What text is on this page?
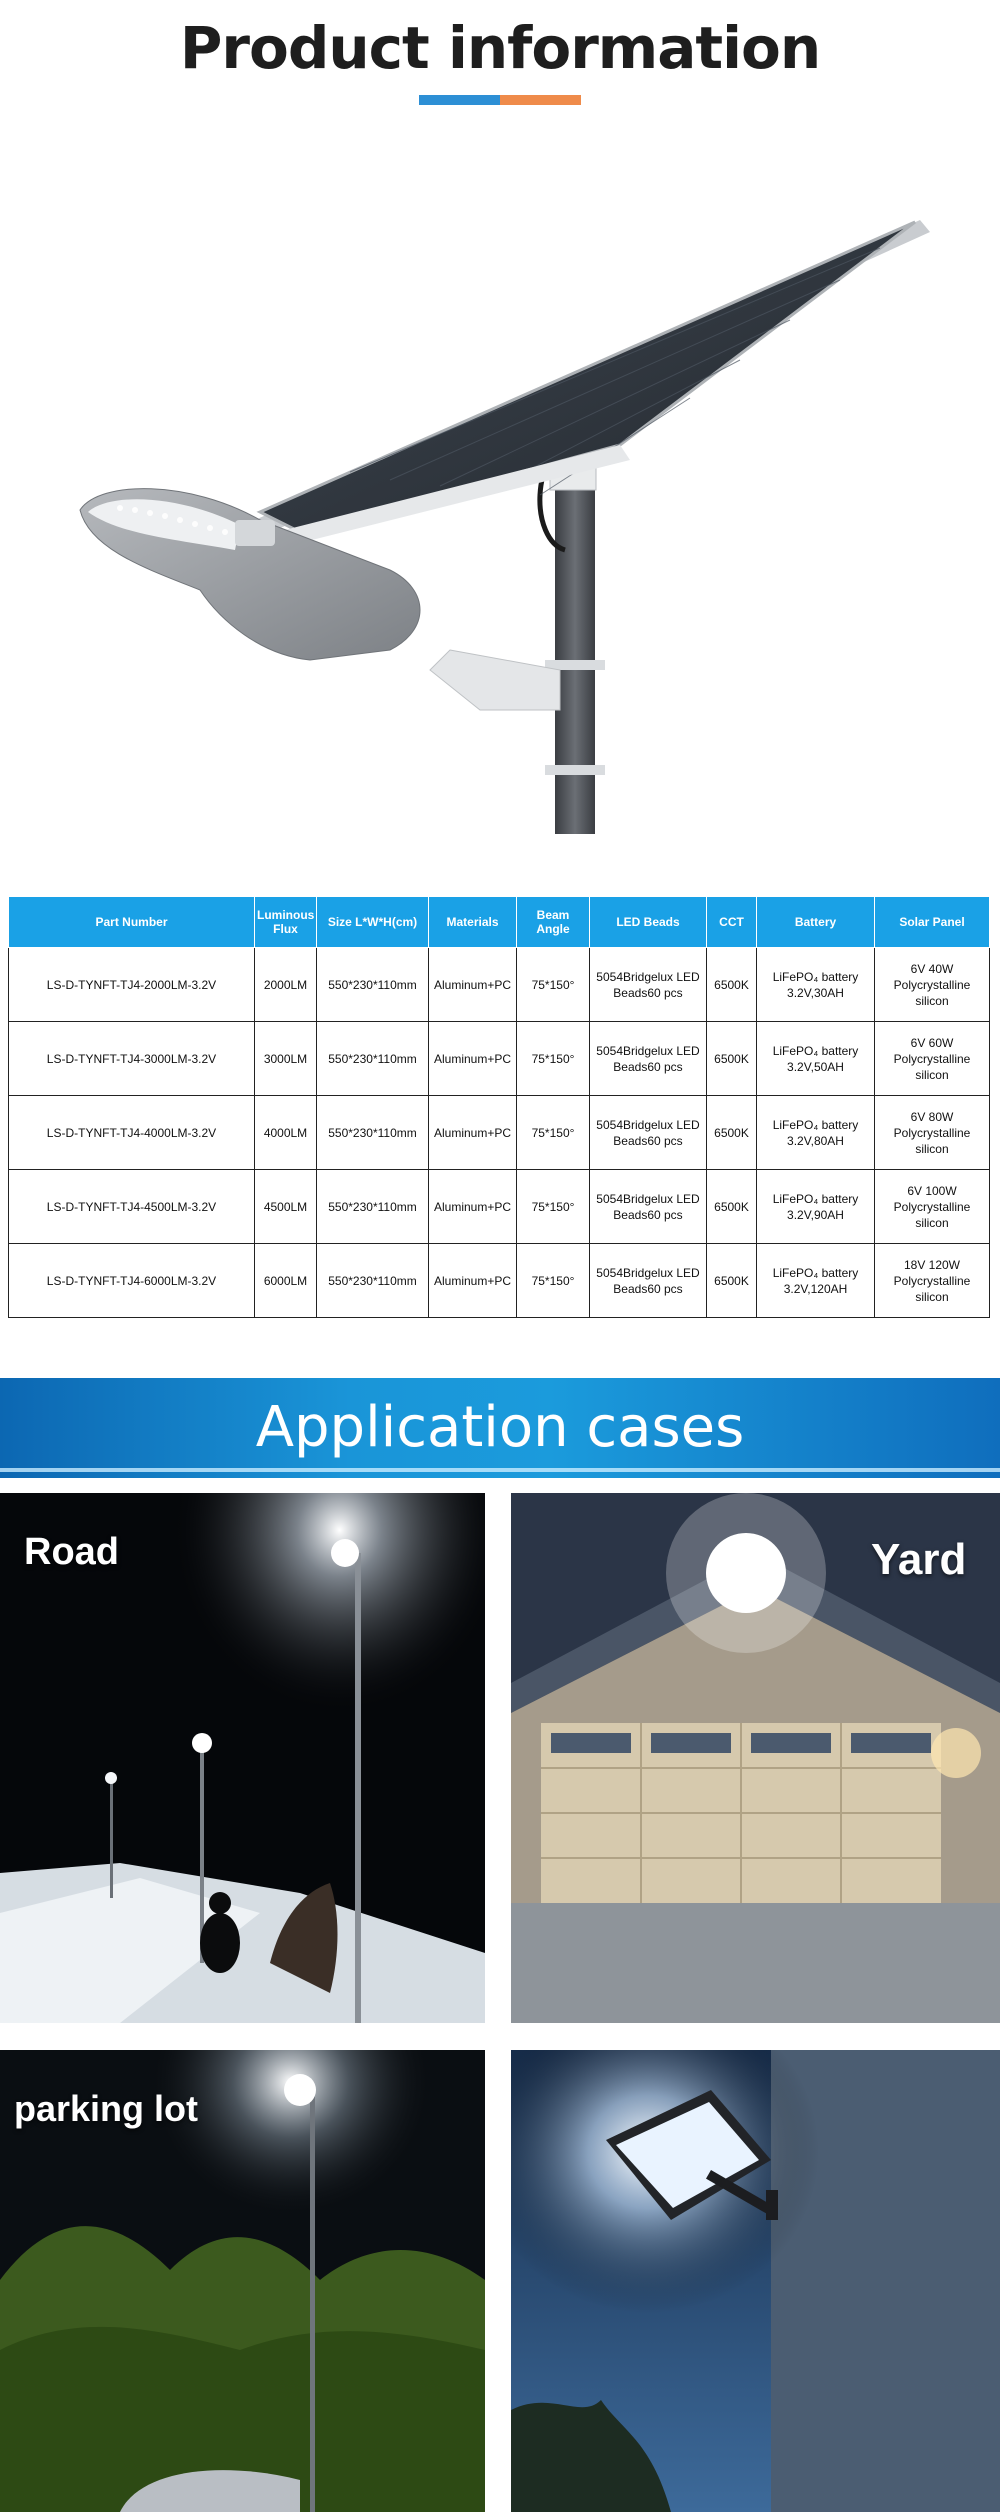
Product information
Part Number	Luminous Flux	Size L*W*H(cm)	Materials	Beam Angle	LED Beads	CCT	Battery	Solar Panel
LS-D-TYNFT-TJ4-2000LM-3.2V	2000LM	550*230*110mm	Aluminum+PC	75*150°	5054Bridgelux LED Beads60 pcs	6500K	LiFePO₄ battery 3.2V,30AH	6V 40W Polycrystalline silicon
LS-D-TYNFT-TJ4-3000LM-3.2V	3000LM	550*230*110mm	Aluminum+PC	75*150°	5054Bridgelux LED Beads60 pcs	6500K	LiFePO₄ battery 3.2V,50AH	6V 60W Polycrystalline silicon
LS-D-TYNFT-TJ4-4000LM-3.2V	4000LM	550*230*110mm	Aluminum+PC	75*150°	5054Bridgelux LED Beads60 pcs	6500K	LiFePO₄ battery 3.2V,80AH	6V 80W Polycrystalline silicon
LS-D-TYNFT-TJ4-4500LM-3.2V	4500LM	550*230*110mm	Aluminum+PC	75*150°	5054Bridgelux LED Beads60 pcs	6500K	LiFePO₄ battery 3.2V,90AH	6V 100W Polycrystalline silicon
LS-D-TYNFT-TJ4-6000LM-3.2V	6000LM	550*230*110mm	Aluminum+PC	75*150°	5054Bridgelux LED Beads60 pcs	6500K	LiFePO₄ battery 3.2V,120AH	18V 120W Polycrystalline silicon
Application cases
Road	Yard
parking lot
